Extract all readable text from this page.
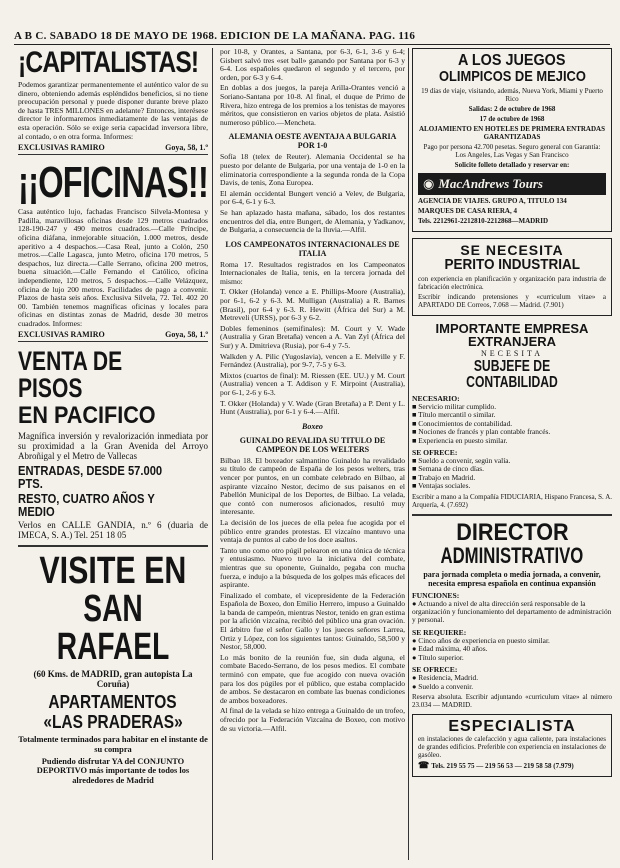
A B C. SABADO 18 DE MAYO DE 1968. EDICION DE LA MAÑANA. PAG. 116
¡CAPITALISTAS!

Podemos garantizar permanentemente el auténtico valor de su dinero, obteniendo además espléndidos beneficios, si no tiene preocupación personal y puede disponer durante breve plazo de hasta TRES MILLONES en adelante? Entonces, interésese director le informaremos inmediatamente de las ventajas de esta operación. Sólo se exige seria capacidad inversora libre, al contado, o en otra forma. Informes:

EXCLUSIVAS RAMIRO	Goya, 58, 1.º
¡¡OFICINAS!!

Casa auténtico lujo, fachadas Francisco Silvela-Montesa y Padilla, maravillosas oficinas desde 129 metros cuadrados 128-190-247 y 490 metros cuadrados.—Calle Príncipe, oficina diáfana, inmejorable situación, 1.000 metros, desde aperitivo a 4 despachos.—Casa Real, junto a Colón, 250 metros.—Calle Lagasca, junto Metro, oficina 170 metros, 5 despachos, luz directa.—Calle Serrano, oficina 200 metros, buena situación.—Calle Fernando el Católico, oficina independiente, 120 metros, 5 despachos.—Calle Velázquez, oficina de lujo 200 metros. Facilidades de pago a convenir. Plazos de hasta seis años. Exclusiva Silvela, 72. Tel. 402 20 00. También tenemos magníficas oficinas y locales para oficinas en distintas zonas de Madrid, desde 30 metros cuadrados. Informes:

EXCLUSIVAS RAMIRO	Goya, 58, 1.º
VENTA DE PISOS
EN PACIFICO

Magnífica inversión y revalorización inmediata por su proximidad a la Gran Avenida del Arroyo Abroñigal y el Metro de Vallecas

ENTRADAS, DESDE 57.000 PTS.
RESTO, CUATRO AÑOS Y MEDIO

Verlos en CALLE GANDIA, n.º 6 (duaria de IMECA, S. A.) Tel. 251 18 05

VISITE EN
SAN RAFAEL

(60 Kms. de MADRID, gran autopista La Coruña)

APARTAMENTOS
«LAS PRADERAS»

Totalmente terminados para habitar en el instante de su compra

Pudiendo disfrutar YA del CONJUNTO DEPORTIVO más importante de todos los alrededores de Madrid

por 10-8, y Orantes, a Santana, por 6-3, 6-1, 3-6 y 6-4; Gisbert salvó tres «set ball» ganando por Santana por 6-3 y 6-4. Los españoles quedaron el segundo y el tercero, por orden, por 6-3 y 6-4.

En doblas a dos juegos, la pareja Arilla-Orantes venció a Soriano-Santana por 10-8. Al final, el duque de Primo de Rivera, hizo entrega de los premios a los tenistas de mayores méritos, que consistieron en varios objetos de plata. Asistió numeroso público.—Mencheta.

ALEMANIA OESTE AVENTAJA A BULGARIA POR 1-0

Sofía 18 (telex de Reuter). Alemania Occidental se ha puesto por delante de Bulgaria, por una ventaja de 1-0 en la eliminatoria correspondiente a la segunda ronda de la Copa Davis, de tenis, Zona Europea.

El alemán occidental Bungert venció a Velev, de Bulgaria, por 6-4, 6-1 y 6-3.

Se han aplazado hasta mañana, sábado, los dos restantes encuentros del día, entre Bungert, de Alemania, y Yadkanov, de Bulgaria, a consecuencia de la lluvia.—Alfil.

LOS CAMPEONATOS INTERNACIONALES DE ITALIA

Roma 17. Resultados registrados en los Campeonatos Internacionales de Italia, tenis, en la tercera jornada del mismo:

T. Okker (Holanda) vence a E. Phillips-Moore (Australia), por 6-1, 6-2 y 6-3. M. Mulligan (Australia) a R. Barnes (Brasil), por 6-4 y 6-3. R. Hewitt (África del Sur) a M. Metreveli (URSS), por 6-3 y 6-2.

Dobles femeninos (semifinales): M. Court y V. Wade (Australia y Gran Bretaña) vencen a A. Van Zyl (África del Sur) y A. Dmitrieva (Rusia), por 6-4 y 7-5.

Walkden y A. Pilic (Yugoslavia), vencen a E. Melville y F. Fernández (Australia), por 9-7, 7-5 y 6-3.

Mixtos (cuartos de final): M. Riessen (EE. UU.) y M. Court (Australia) vencen a T. Addison y F. Mirpoint (Australia), por 6-1, 2-6 y 6-3.

T. Okker (Holanda) y V. Wade (Gran Bretaña) a P. Dent y L. Hunt (Australia), por 6-1 y 6-4.—Alfil.

Boxeo
GUINALDO REVALIDA SU TITULO DE CAMPEON DE LOS WELTERS

Bilbao 18. El boxeador salmantino Guinaldo ha revalidado su título de campeón de España de los pesos welters, tras vencer por puntos, en un combate celebrado en Bilbao, al aspirante vizcaíno Nestor, decimo de sus paisanos en el Pabellón Municipal de los Deportes, de Bilbao. La velada, que contó con numerosos aficionados, resultó muy interesante.

La decisión de los jueces de ella pelea fue acogida por el público entre grandes protestas. El vizcaíno mantuvo una ventaja de puntos al cabo de los doce asaltos.

Tanto uno como otro púgil pelearon en una tónica de técnica y entusiasmo. Nuevo tuvo la iniciativa del combate, mientras que su oponente, Guinaldo, pegaba con mucha fuerza, e indujo a la búsqueda de los golpes más eficaces del aspirante.

Finalizado el combate, el vicepresidente de la Federación Española de Boxeo, don Emilio Herrero, impuso a Guinaldo la banda de campeón, mientras Nestor, tenido en gran estima por la afición vizcaína, recibió del público una gran ovación. El árbitro fue el señor Gallo y los jueces señores Larrea, Ortiz y López, con los siguientes tantos: Guinaldo, 58,500 y Nestor, 58,000.

Lo más bonito de la reunión fue, sin duda alguna, el combate Bacedo-Serrano, de los pesos medios. El combate terminó con empate, que fue acogido con nueva ovación para los dos púgiles por el público, que estaba complacido de ambos. Se destacaron en combate las buenas condiciones de ambos boxeadores.

Al final de la velada se hizo entrega a Guinaldo de un trofeo, ofrecido por la Federación Vizcaína de Boxeo, con motivo de su victoria.—Alfil.

A LOS JUEGOS
OLIMPICOS DE MEJICO

19 días de viaje, visitando, además, Nueva York, Miami y Puerto Rico

Salidas: 2 de octubre de 1968

17 de octubre de 1968

ALOJAMIENTO EN HOTELES DE PRIMERA ENTRADAS GARANTIZADAS

Pago por persona 42.700 pesetas. Seguro general con Garantía: Los Angeles, Las Vegas y San Francisco

Solicite folleto detallado y reservar en:

◉ MacAndrews Tours

AGENCIA DE VIAJES. GRUPO A, TITULO 134

MARQUES DE CASA RIERA, 4

Tels. 2212961-2212810-2212868—MADRID

SE NECESITA
PERITO INDUSTRIAL

con experiencia en planificación y organización para industria de fabricación electrónica.

Escribir indicando pretensiones y «curriculum vitae» a APARTADO DE Correos, 7.068 — Madrid. (7.901)

IMPORTANTE EMPRESA
EXTRANJERA
NECESITA
SUBJEFE DE CONTABILIDAD
NECESARIO:
■ Servicio militar cumplido.
■ Título mercantil o similar.
■ Conocimientos de contabilidad.
■ Nociones de francés y plan contable francés.
■ Experiencia en puesto similar.
SE OFRECE:
■ Sueldo a convenir, según valía.
■ Semana de cinco días.
■ Trabajo en Madrid.
■ Ventajas sociales.

Escribir a mano a la Compañía FIDUCIARIA, Hispano Francesa, S. A. Arquería, 4. (7.692)

DIRECTOR
ADMINISTRATIVO

para jornada completa o media jornada, a convenir, necesita empresa española en continua expansión

FUNCIONES:
● Actuando a nivel de alta dirección será responsable de la organización y funcionamiento del departamento de administración y personal.
SE REQUIERE:
● Cinco años de experiencia en puesto similar.
● Edad máxima, 40 años.
● Título superior.
SE OFRECE:
● Residencia, Madrid.
● Sueldo a convenir.

Reserva absoluta. Escribir adjuntando «curriculum vitae» al número 23.034 — MADRID.

ESPECIALISTA

en instalaciones de calefacción y agua caliente, para instalaciones de grandes edificios. Preferible con experiencia en instalaciones de gasóleo.

☎ Tels. 219 55 75 — 219 56 53 — 219 58 58 (7.979)
